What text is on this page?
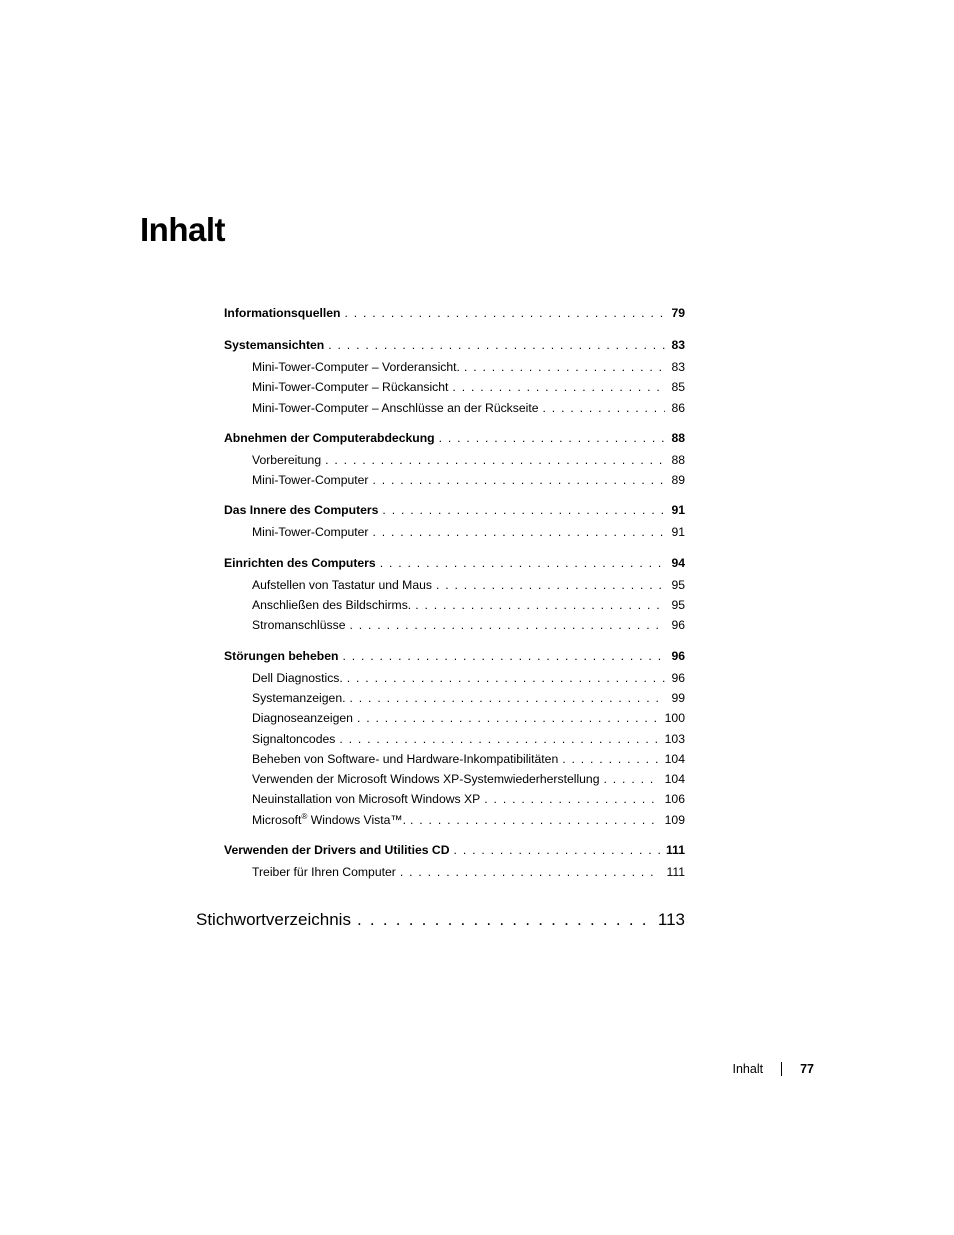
Inhalt
Informationsquellen . . .	79
Systemansichten . . .	83
Mini-Tower-Computer – Vorderansicht. . . .	83
Mini-Tower-Computer – Rückansicht . . .	85
Mini-Tower-Computer – Anschlüsse an der Rückseite . . .	86
Abnehmen der Computerabdeckung . . .	88
Vorbereitung . . .	88
Mini-Tower-Computer . . .	89
Das Innere des Computers . . .	91
Mini-Tower-Computer . . .	91
Einrichten des Computers . . .	94
Aufstellen von Tastatur und Maus . . .	95
Anschließen des Bildschirms. . . .	95
Stromanschlüsse . . .	96
Störungen beheben . . .	96
Dell Diagnostics. . . .	96
Systemanzeigen. . . .	99
Diagnoseanzeigen . . .	100
Signaltoncodes . . .	103
Beheben von Software- und Hardware-Inkompatibilitäten . . .	104
Verwenden der Microsoft Windows XP-Systemwiederherstellung . . .	104
Neuinstallation von Microsoft Windows XP . . .	106
Microsoft® Windows Vista™. . . .	109
Verwenden der Drivers and Utilities CD . . .	111
Treiber für Ihren Computer . . .	111
Stichwortverzeichnis . . .	113
Inhalt	77
